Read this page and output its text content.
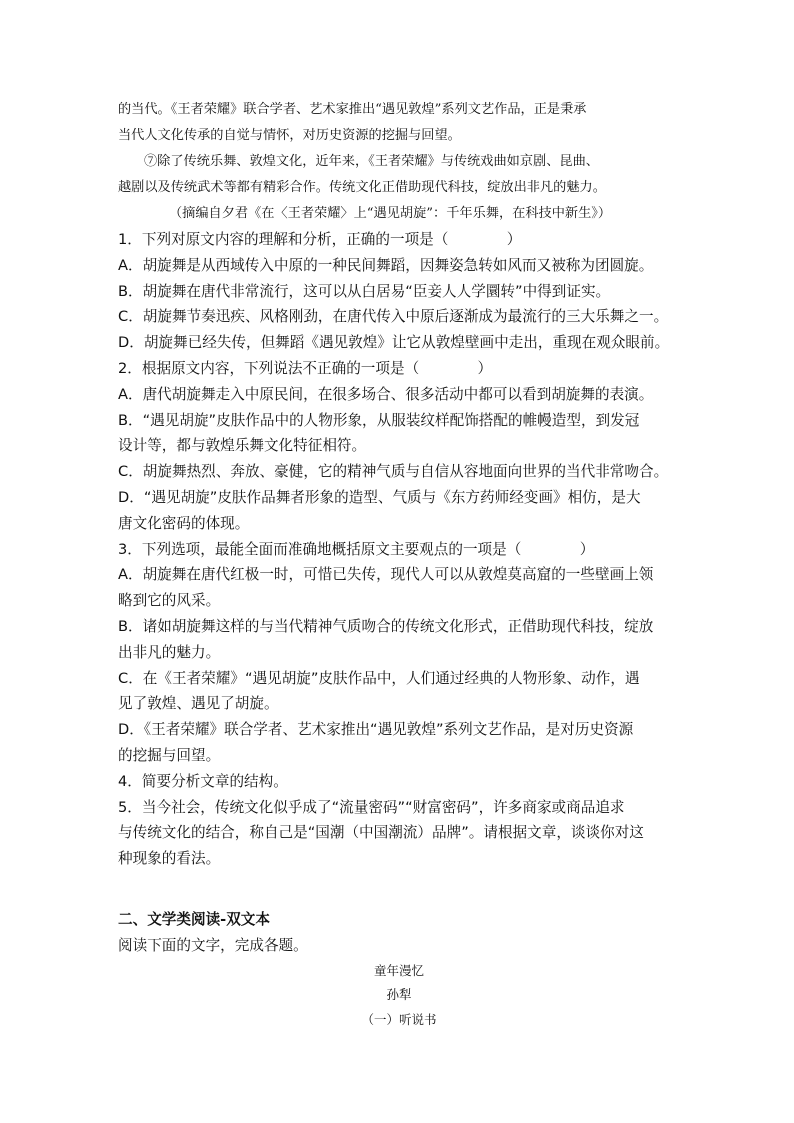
的当代。《王者荣耀》联合学者、艺术家推出“遇见敦煌”系列文艺作品，正是秉承
当代人文化传承的自觉与情怀，对历史资源的挖掘与回望。
⑦除了传统乐舞、敦煌文化，近年来，《王者荣耀》与传统戏曲如京剧、昆曲、
越剧以及传统武术等都有精彩合作。传统文化正借助现代科技，绽放出非凡的魅力。
（摘编自夕君《在〈王者荣耀〉上“遇见胡旋”：千年乐舞，在科技中新生》）
1．下列对原文内容的理解和分析，正确的一项是（　　　　）
A．胡旋舞是从西域传入中原的一种民间舞蹈，因舞姿急转如风而又被称为团圆旋。
B．胡旋舞在唐代非常流行，这可以从白居易“臣妾人人学圜转”中得到证实。
C．胡旋舞节奏迅疾、风格刚劲，在唐代传入中原后逐渐成为最流行的三大乐舞之一。
D．胡旋舞已经失传，但舞蹈《遇见敦煌》让它从敦煌壁画中走出，重现在观众眼前。
2．根据原文内容，下列说法不正确的一项是（　　　　）
A．唐代胡旋舞走入中原民间，在很多场合、很多活动中都可以看到胡旋舞的表演。
B．“遇见胡旋”皮肤作品中的人物形象，从服装纹样配饰搭配的帷幔造型，到发冠
设计等，都与敦煌乐舞文化特征相符。
C．胡旋舞热烈、奔放、豪健，它的精神气质与自信从容地面向世界的当代非常吻合。
D．“遇见胡旋”皮肤作品舞者形象的造型、气质与《东方药师经变画》相仿，是大
唐文化密码的体现。
3．下列选项，最能全面而准确地概括原文主要观点的一项是（　　　　）
A．胡旋舞在唐代红极一时，可惜已失传，现代人可以从敦煌莫高窟的一些壁画上领
略到它的风采。
B．诸如胡旋舞这样的与当代精神气质吻合的传统文化形式，正借助现代科技，绽放
出非凡的魅力。
C．在《王者荣耀》“遇见胡旋”皮肤作品中，人们通过经典的人物形象、动作，遇
见了敦煌、遇见了胡旋。
D．《王者荣耀》联合学者、艺术家推出“遇见敦煌”系列文艺作品，是对历史资源
的挖掘与回望。
4．简要分析文章的结构。
5．当今社会，传统文化似乎成了“流量密码”“财富密码”，许多商家或商品追求
与传统文化的结合，称自己是“国潮（中国潮流）品牌”。请根据文章，谈谈你对这
种现象的看法。
二、文学类阅读-双文本
阅读下面的文字，完成各题。
童年漫忆
孙犁
（一）听说书
